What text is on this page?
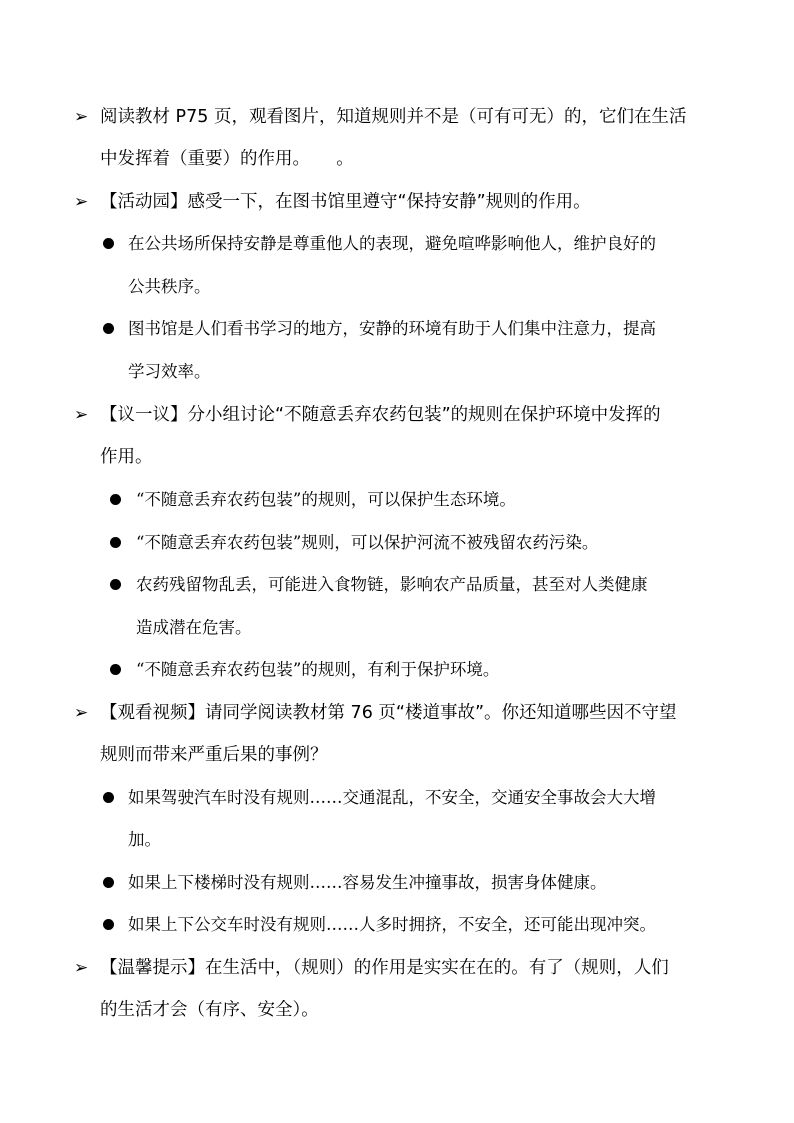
➢ 阅读教材 P75 页，观看图片，知道规则并不是（可有可无）的，它们在生活
中发挥着（重要）的作用。　　。
➢ 【活动园】感受一下，在图书馆里遵守“保持安静”规则的作用。
在公共场所保持安静是尊重他人的表现，避免喧哗影响他人，维护良好的
公共秩序。
图书馆是人们看书学习的地方，安静的环境有助于人们集中注意力，提高
学习效率。
➢ 【议一议】分小组讨论“不随意丢弃农药包装”的规则在保护环境中发挥的
作用。
“不随意丢弃农药包装”的规则，可以保护生态环境。
“不随意丢弃农药包装”规则，可以保护河流不被残留农药污染。
农药残留物乱丢，可能进入食物链，影响农产品质量，甚至对人类健康
造成潜在危害。
“不随意丢弃农药包装”的规则，有利于保护环境。
➢ 【观看视频】请同学阅读教材第 76 页“楼道事故”。你还知道哪些因不守望
规则而带来严重后果的事例？
如果驾驶汽车时没有规则……交通混乱，不安全，交通安全事故会大大增
加。
如果上下楼梯时没有规则……容易发生冲撞事故，损害身体健康。
如果上下公交车时没有规则……人多时拥挤，不安全，还可能出现冲突。
➢ 【温馨提示】在生活中，（规则）的作用是实实在在的。有了（规则，人们
的生活才会（有序、安全）。
